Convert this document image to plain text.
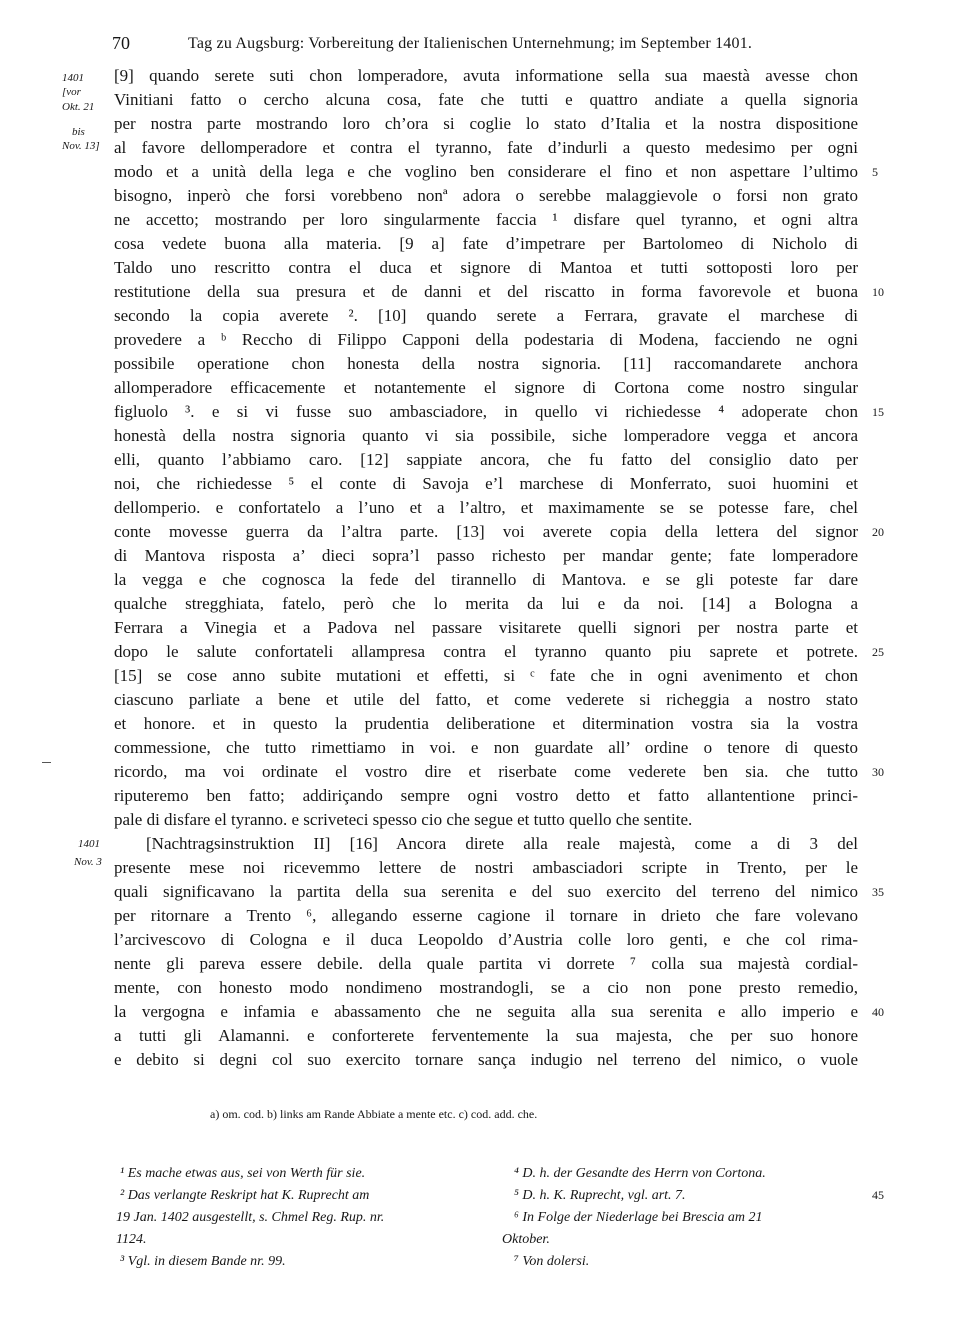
70	Tag zu Augsburg: Vorbereitung der Italienischen Unternehmung; im September 1401.
1401
[vor
Okt. 21
bis
Nov. 13]
1401
Nov. 3
[9] quando serete suti chon lomperadore, avuta informatione sella sua maestà avesse chon
Vinitiani fatto o cercho alcuna cosa, fate che tutti e quattro andiate a quella signoria
per nostra parte mostrando loro ch’ora si coglie lo stato d’Italia et la nostra dispositione
al favore dellomperadore et contra el tyranno, fate d’indurli a questo medesimo per ogni
modo et a unità della lega e che voglino ben considerare el fino et non aspettare l’ultimo
bisogno, inperò che forsi vorebbeno nonª adora o serebbe malaggievole o forsi non grato
ne accetto; mostrando per loro singularmente faccia ¹ disfare quel tyranno, et ogni altra
cosa vedete buona alla materia. [9 a] fate d’impetrare per Bartolomeo di Nicholo di
Taldo uno rescritto contra el duca et signore di Mantoa et tutti sottoposti loro per
restitutione della sua presura et de danni et del riscatto in forma favorevole et buona
secondo la copia averete ². [10] quando serete a Ferrara, gravate el marchese di
provedere a ᵇ Reccho di Filippo Capponi della podestaria di Modena, facciendo ne ogni
possibile operatione chon honesta della nostra signoria. [11] raccomandarete anchora
allomperadore efficacemente et notantemente el signore di Cortona come nostro singular
figluolo ³. e si vi fusse suo ambasciadore, in quello vi richiedesse ⁴ adoperate chon
honestà della nostra signoria quanto vi sia possibile, siche lomperadore vegga et ancora
elli, quanto l’abbiamo caro. [12] sappiate ancora, che fu fatto del consiglio dato per
noi, che richiedesse ⁵ el conte di Savoja e’l marchese di Monferrato, suoi huomini et
dellomperio. e confortatelo a l’uno et a l’altro, et maximamente se se potesse fare, chel
conte movesse guerra da l’altra parte. [13] voi averete copia della lettera del signor
di Mantova risposta a’ dieci sopra’l passo richesto per mandar gente; fate lomperadore
la vegga e che cognosca la fede del tirannello di Mantova. e se gli poteste far dare
qualche stregghiata, fatelo, però che lo merita da lui e da noi. [14] a Bologna a
Ferrara a Vinegia et a Padova nel passare visitarete quelli signori per nostra parte et
dopo le salute confortateli allampresa contra el tyranno quanto piu saprete et potrete.
[15] se cose anno subite mutationi et effetti, si ᶜ fate che in ogni avenimento et chon
ciascuno parliate a bene et utile del fatto, et come vederete si richeggia a nostro stato
et honore. et in questo la prudentia deliberatione et ditermination vostra sia la vostra
commessione, che tutto rimettiamo in voi. e non guardate all’ ordine o tenore di questo
ricordo, ma voi ordinate el vostro dire et riserbate come vederete ben sia. che tutto
riputeremo ben fatto; addiriçando sempre ogni vostro detto et fatto allantentione princi-
pale di disfare el tyranno. e scriveteci spesso cio che segue et tutto quello che sentite.
[Nachtragsinstruktion II] [16] Ancora direte alla reale majestà, come a di 3 del
presente mese noi ricevemmo lettere de nostri ambasciadori scripte in Trento, per le
quali significavano la partita della sua serenita e del suo exercito del terreno del nimico
per ritornare a Trento ⁶, allegando esserne cagione il tornare in drieto che fare volevano
l’arcivescovo di Cologna e il duca Leopoldo d’Austria colle loro genti, e che col rima-
nente gli pareva essere debile. della quale partita vi dorrete ⁷ colla sua majestà cordial-
mente, con honesto modo nondimeno mostrandogli, se a cio non pone presto remedio,
la vergogna e infamia e abassamento che ne seguita alla sua serenita e allo imperio e
a tutti gli Alamanni. e conforterete ferventemente la sua majesta, che per suo honore
e debito si degni col suo exercito tornare sança indugio nel terreno del nimico, o vuole
5
10
15
20
25
30
35
40
a) om. cod. b) links am Rande Abbiate a mente etc. c) cod. add. che.
¹ Es mache etwas aus, sei von Werth für sie.
² Das verlangte Reskript hat K. Ruprecht am
19 Jan. 1402 ausgestellt, s. Chmel Reg. Rup. nr.
1124.
³ Vgl. in diesem Bande nr. 99.
⁴ D. h. der Gesandte des Herrn von Cortona.
⁵ D. h. K. Ruprecht, vgl. art. 7.
⁶ In Folge der Niederlage bei Brescia am 21
Oktober.
⁷ Von dolersi.
45
